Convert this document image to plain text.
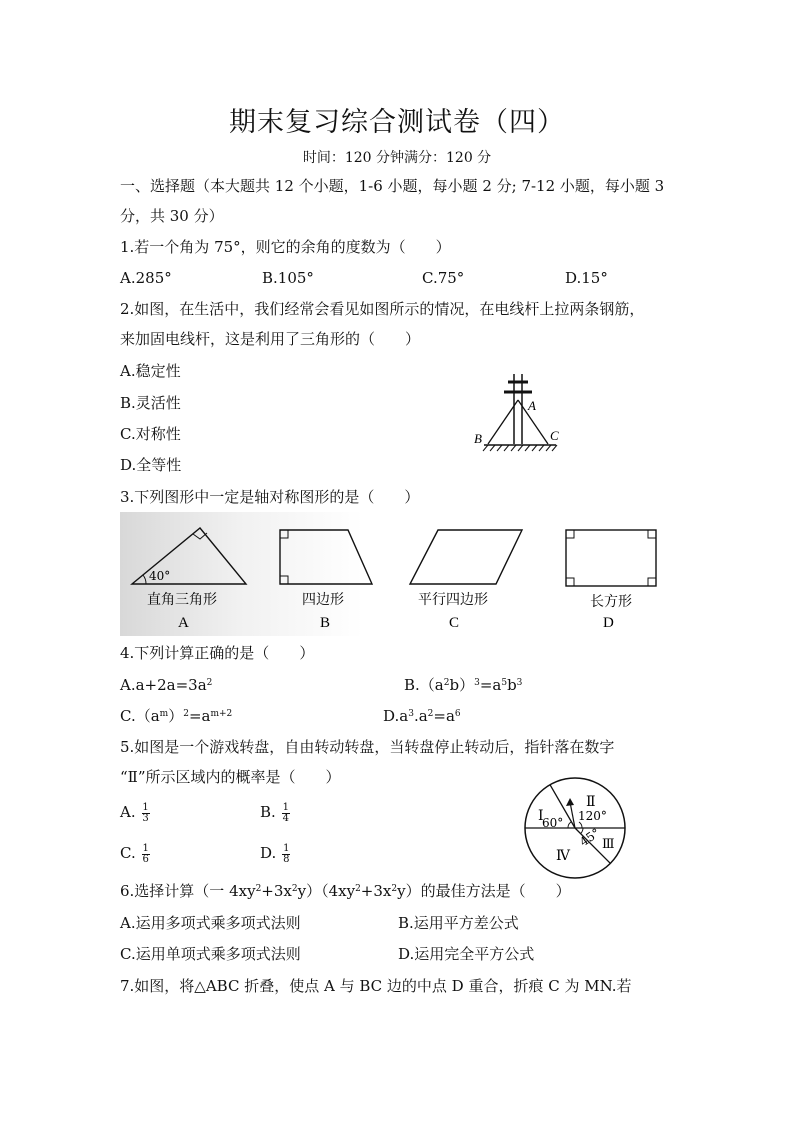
期末复习综合测试卷（四）
时间：120 分钟满分：120 分
一、选择题（本大题共 12 个小题，1-6 小题，每小题 2 分; 7-12 小题，每小题 3
分，共 30 分）
1.若一个角为 75°，则它的余角的度数为（　　）
A.285°	B.105°	C.75°	D.15°
2.如图，在生活中，我们经常会看见如图所示的情况，在电线杆上拉两条钢筋，
来加固电线杆，这是利用了三角形的（　　）
A.稳定性
B.灵活性
C.对称性
D.全等性
A
B	C
3.下列图形中一定是轴对称图形的是（　　）
40°
直角三角形
A
四边形
B
平行四边形
C
长方形
D
4.下列计算正确的是（　　）
$A.a+2a=3a^2$	$B.(a^2b)^3=a^5b^3$
$C.(a^m)^2=a^{m+2}$	$D.a^3.a^2=a^6$
5.如图是一个游戏转盘，自由转动转盘，当转盘停止转动后，指针落在数字
“Ⅱ”所示区域内的概率是（　　）
A. $\frac{1}{3}$	B. $\frac{1}{4}$
C. $\frac{1}{6}$	D. $\frac{1}{8}$
Ⅰ
Ⅱ
Ⅲ
Ⅳ
60° 120°
45°
6.选择计算（一 $4xy^2+3x^2y)(4xy^2+3x^2y)$的最佳方法是（　　）
A.运用多项式乘多项式法则	B.运用平方差公式
C.运用单项式乘多项式法则	D.运用完全平方公式
7.如图，将△ABC 折叠，使点 A 与 BC 边的中点 D 重合，折痕 C 为 MN.若
